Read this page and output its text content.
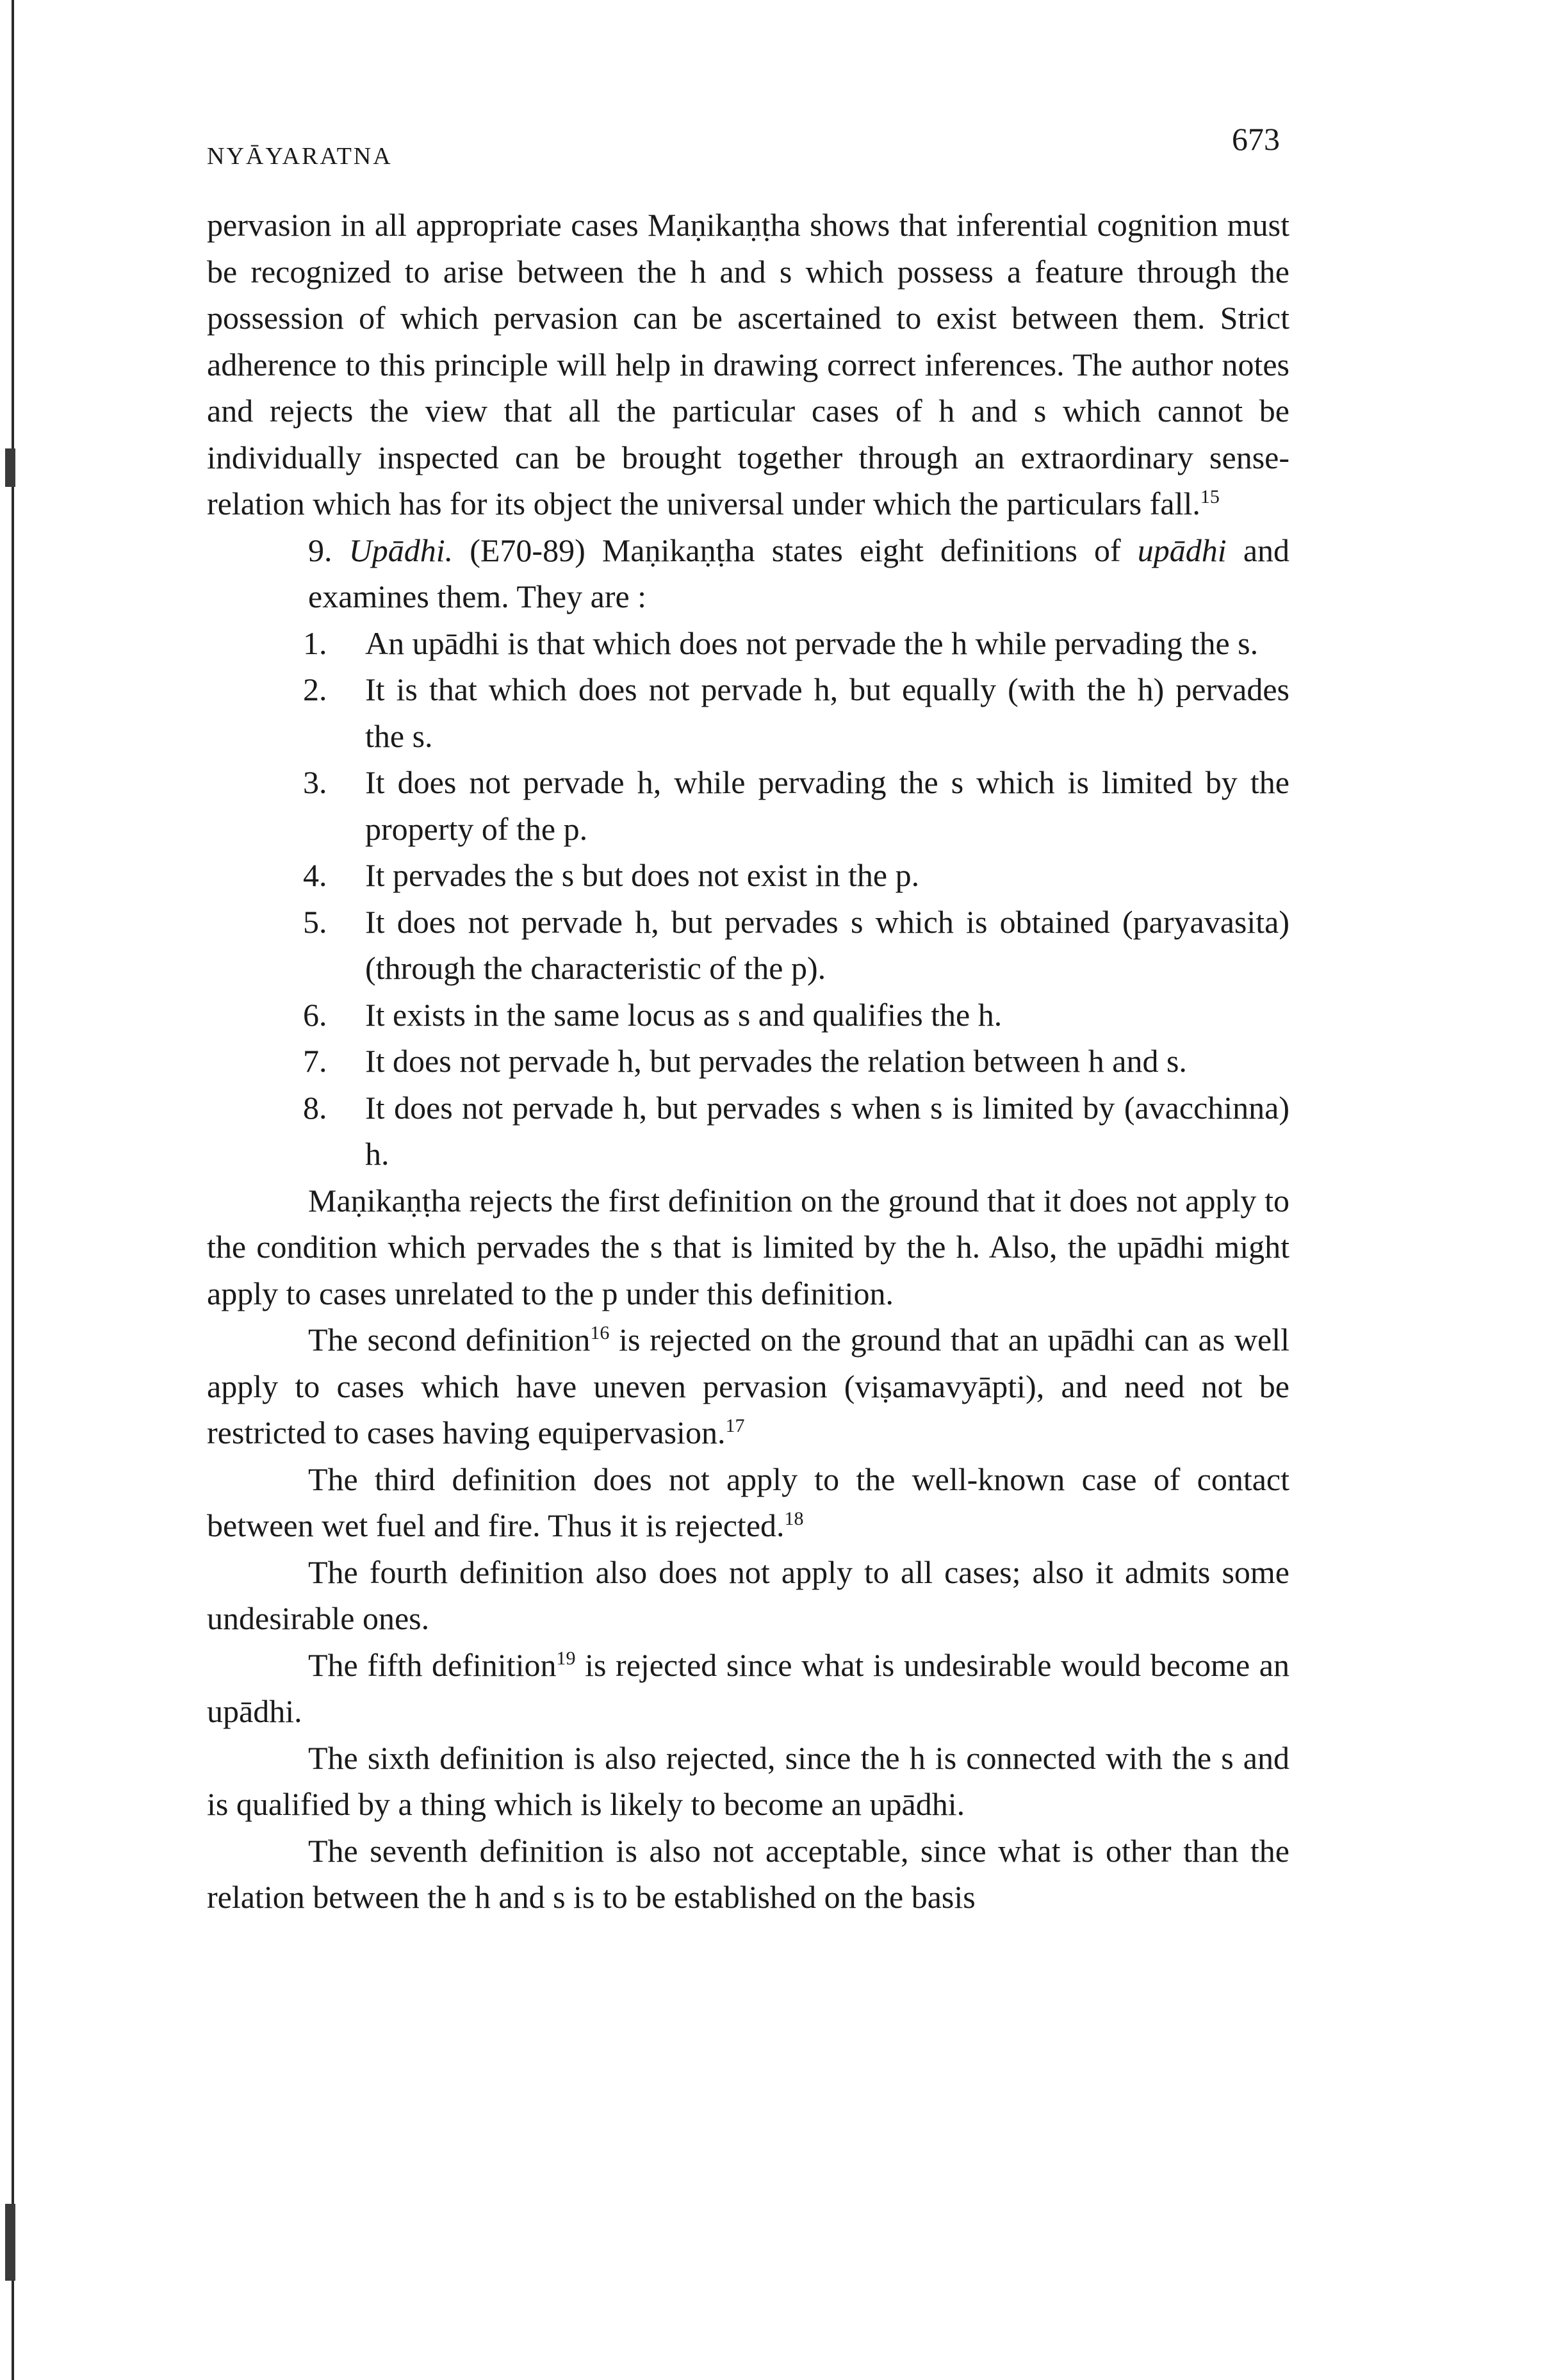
NYĀYARATNA	673

pervasion in all appropriate cases Maṇikaṇṭha shows that inferential cognition must be recognized to arise between the h and s which possess a feature through the possession of which pervasion can be ascertained to exist between them. Strict adherence to this principle will help in drawing correct inferences. The author notes and rejects the view that all the particular cases of h and s which cannot be individually inspected can be brought together through an extraordinary sense-relation which has for its object the universal under which the particulars fall.$^{15}$

9. Upādhi. (E70-89) Maṇikaṇṭha states eight definitions of upādhi and examines them. They are :

1. An upādhi is that which does not pervade the h while pervading the s.
2. It is that which does not pervade h, but equally (with the h) pervades the s.
3. It does not pervade h, while pervading the s which is limited by the property of the p.
4. It pervades the s but does not exist in the p.
5. It does not pervade h, but pervades s which is obtained (paryavasita) (through the characteristic of the p).
6. It exists in the same locus as s and qualifies the h.
7. It does not pervade h, but pervades the relation between h and s.
8. It does not pervade h, but pervades s when s is limited by (avacchinna) h.

Maṇikaṇṭha rejects the first definition on the ground that it does not apply to the condition which pervades the s that is limited by the h. Also, the upādhi might apply to cases unrelated to the p under this definition.

The second definition$^{16}$ is rejected on the ground that an upādhi can as well apply to cases which have uneven pervasion (viṣamavyāpti), and need not be restricted to cases having equipervasion.$^{17}$

The third definition does not apply to the well-known case of contact between wet fuel and fire. Thus it is rejected.$^{18}$

The fourth definition also does not apply to all cases; also it admits some undesirable ones.

The fifth definition$^{19}$ is rejected since what is undesirable would become an upādhi.

The sixth definition is also rejected, since the h is connected with the s and is qualified by a thing which is likely to become an upādhi.

The seventh definition is also not acceptable, since what is other than the relation between the h and s is to be established on the basis
